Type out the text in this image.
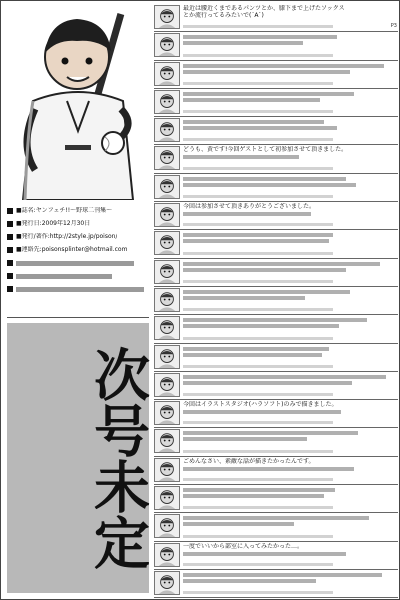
■誌名:ヤンフェチ!!〜野球二刊集〜
■発行日:2009年12月30日
■発行/著作:http://2style.jp/poison/
■連絡先:poisonsplinter@hotmail.com
次号未定
最近は腰近くまであるパンツとか、膝下まで上げたソックス
とか流行ってるみたいで(´A`)
P3
どうも、黄です!今回ゲストとして初参加させて頂きました。
今回は参加させて頂きありがとうございました。
今回はイラストスタジオ(ハラソフト)のみで描きました。
ごめんなさい、素敵な話が描きたかったんです。
一度でいいから部室に入ってみたかった…。
